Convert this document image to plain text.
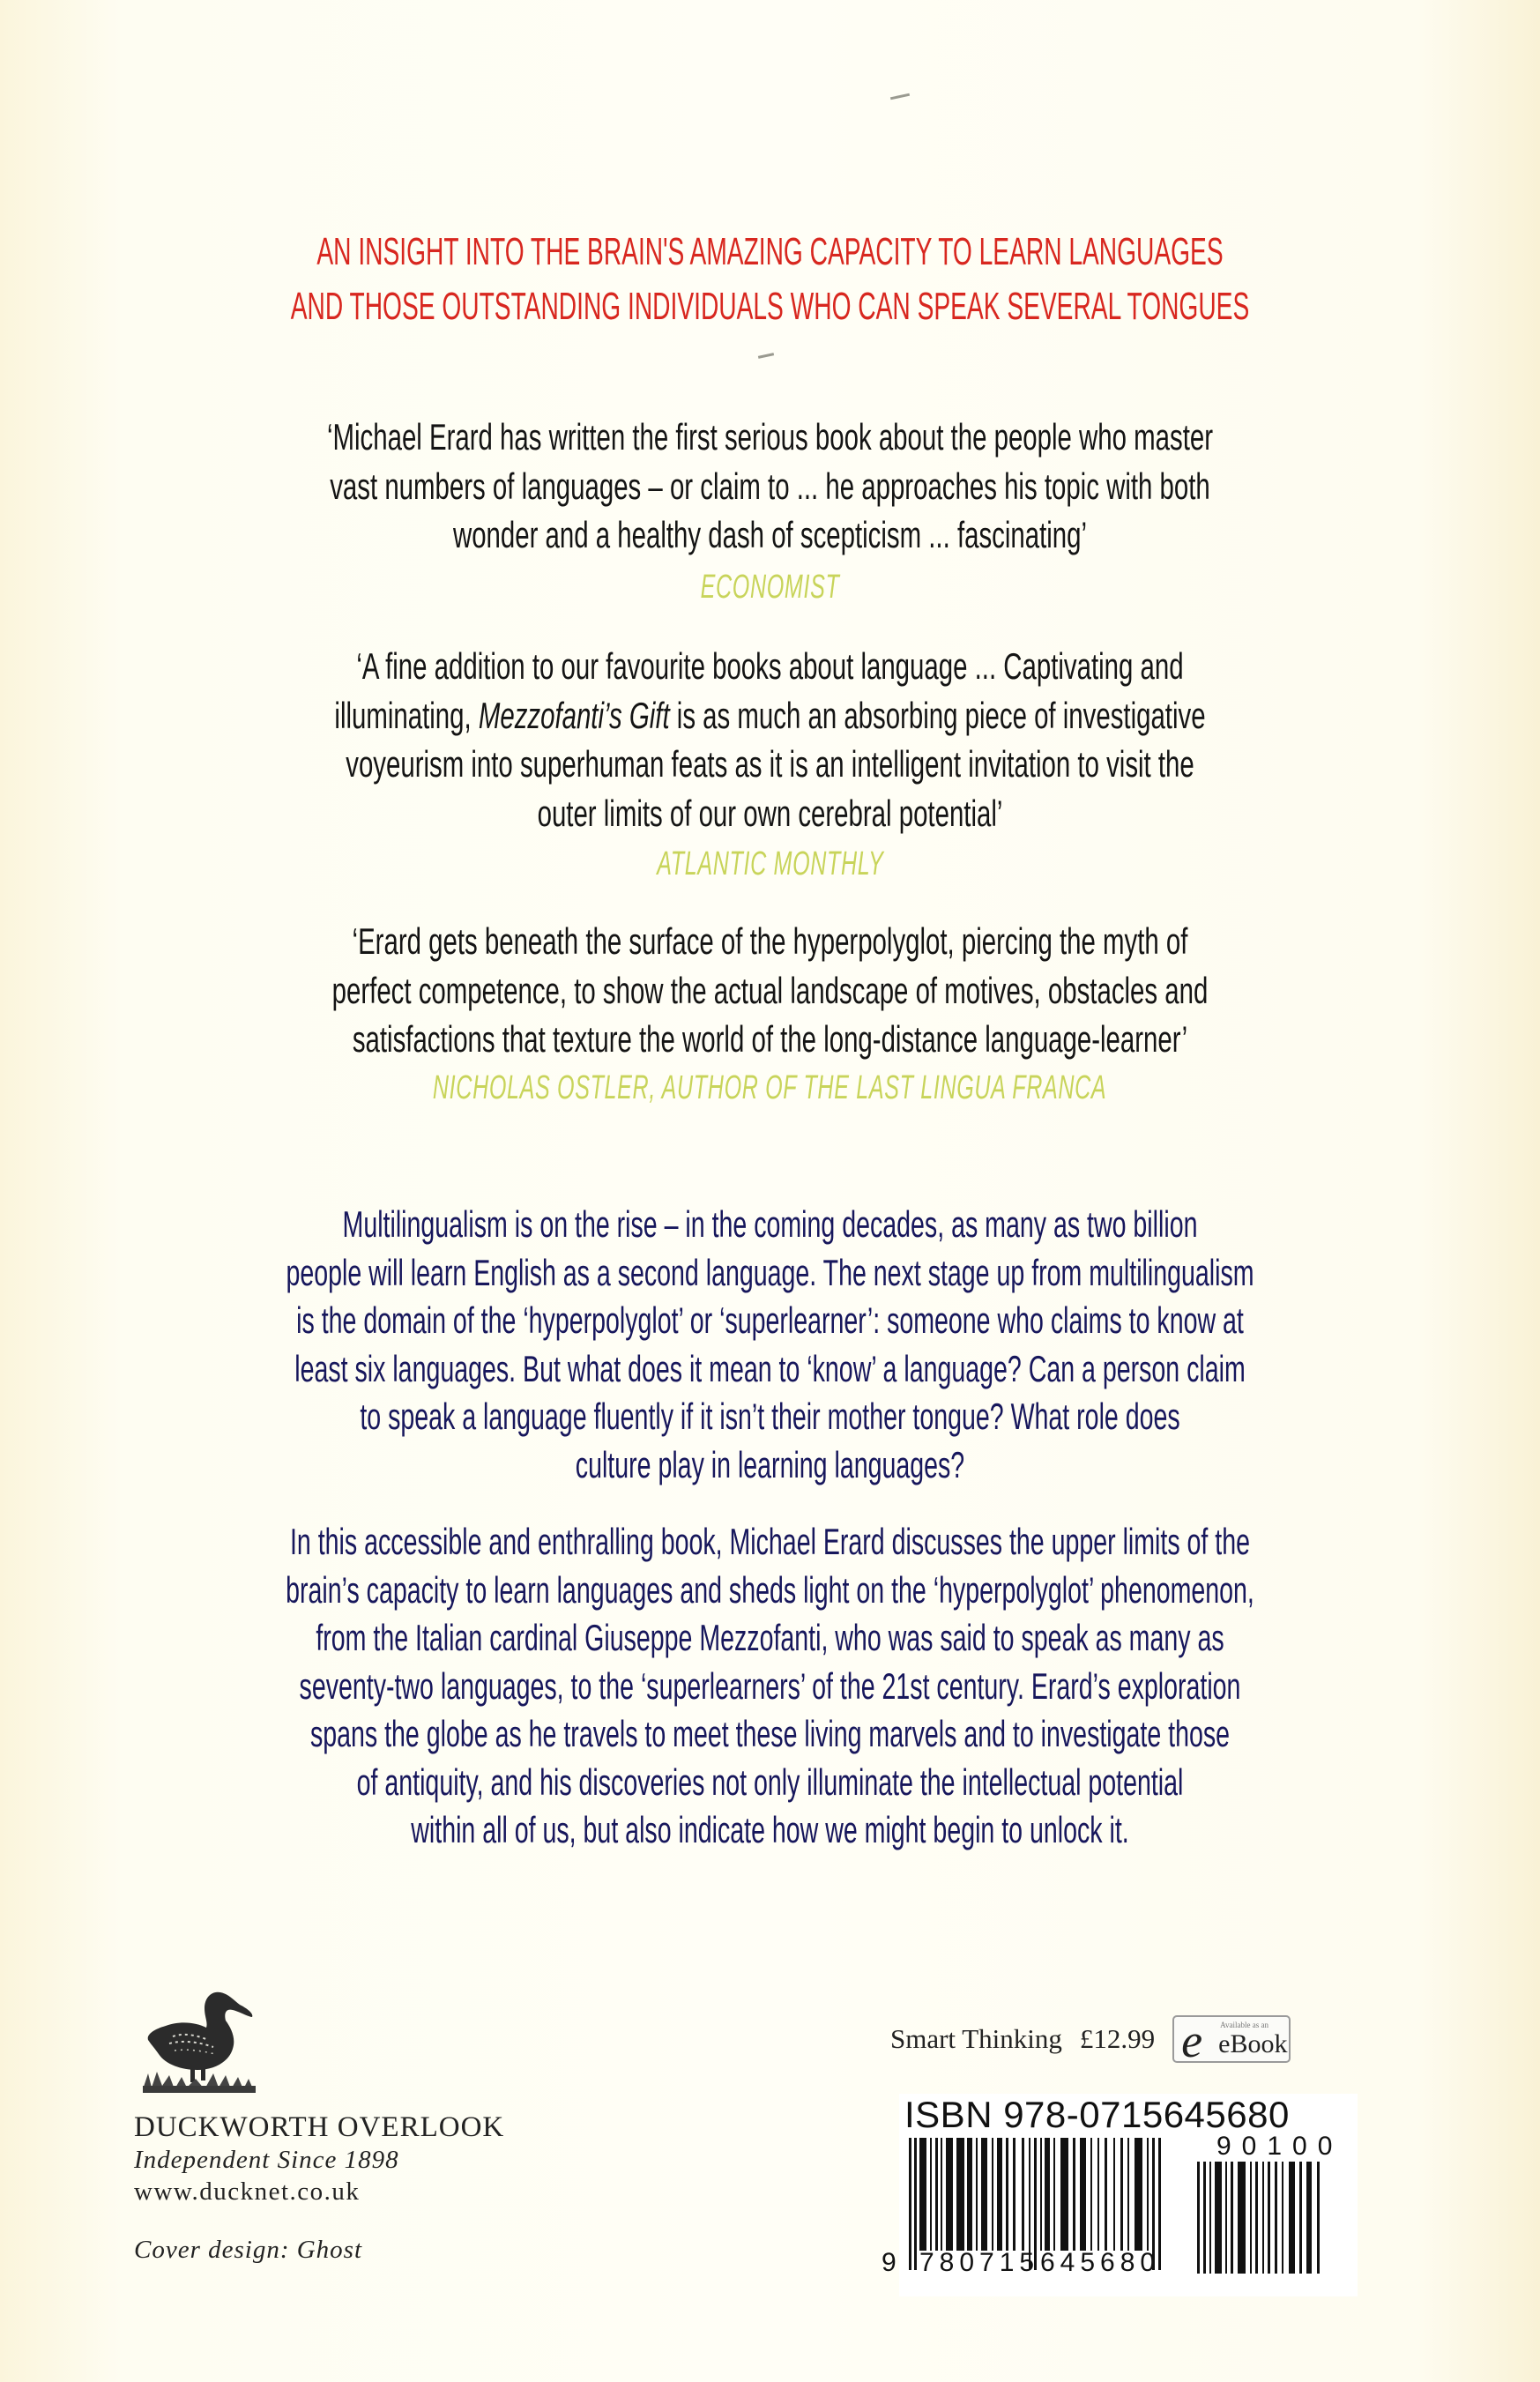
AN INSIGHT INTO THE BRAIN'S AMAZING CAPACITY TO LEARN LANGUAGES
AND THOSE OUTSTANDING INDIVIDUALS WHO CAN SPEAK SEVERAL TONGUES
‘Michael Erard has written the first serious book about the people who master
vast numbers of languages – or claim to ... he approaches his topic with both
wonder and a healthy dash of scepticism ... fascinating’
ECONOMIST
‘A fine addition to our favourite books about language ... Captivating and
illuminating, Mezzofanti’s Gift is as much an absorbing piece of investigative
voyeurism into superhuman feats as it is an intelligent invitation to visit the
outer limits of our own cerebral potential’
ATLANTIC MONTHLY
‘Erard gets beneath the surface of the hyperpolyglot, piercing the myth of
perfect competence, to show the actual landscape of motives, obstacles and
satisfactions that texture the world of the long-distance language-learner’
NICHOLAS OSTLER, AUTHOR OF THE LAST LINGUA FRANCA
Multilingualism is on the rise – in the coming decades, as many as two billion
people will learn English as a second language. The next stage up from multilingualism
is the domain of the ‘hyperpolyglot’ or ‘superlearner’: someone who claims to know at
least six languages. But what does it mean to ‘know’ a language? Can a person claim
to speak a language fluently if it isn’t their mother tongue? What role does
culture play in learning languages?
In this accessible and enthralling book, Michael Erard discusses the upper limits of the
brain’s capacity to learn languages and sheds light on the ‘hyperpolyglot’ phenomenon,
from the Italian cardinal Giuseppe Mezzofanti, who was said to speak as many as
seventy-two languages, to the ‘superlearners’ of the 21st century. Erard’s exploration
spans the globe as he travels to meet these living marvels and to investigate those
of antiquity, and his discoveries not only illuminate the intellectual potential
within all of us, but also indicate how we might begin to unlock it.
DUCKWORTH OVERLOOK
Independent Since 1898
www.ducknet.co.uk
Cover design: Ghost
Smart Thinking £12.99 e Available as an
eBook
ISBN 978-0715645680
9 780715 645680
90100
